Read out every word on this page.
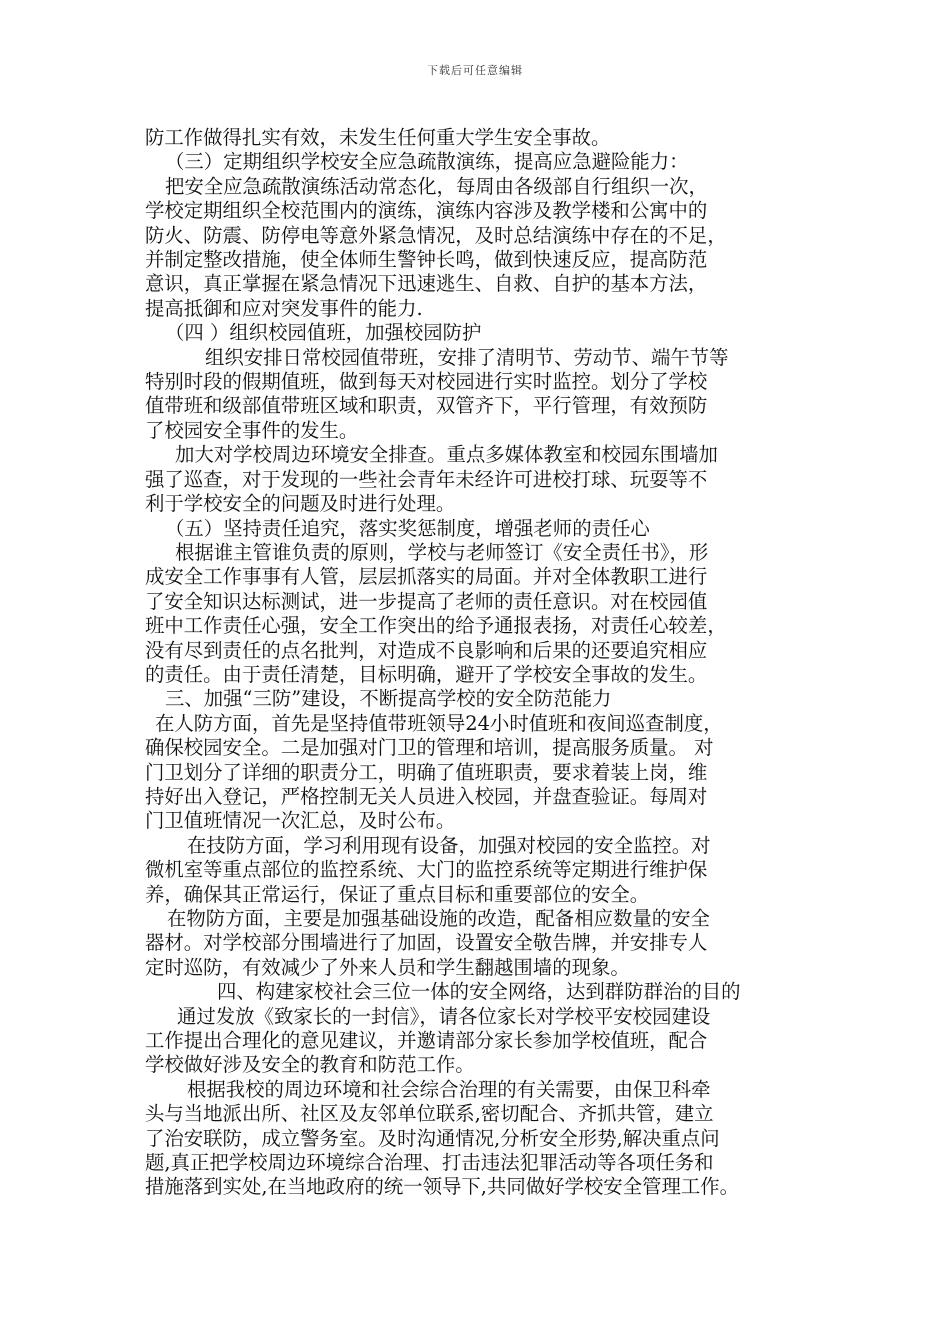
下载后可任意编辑
防工作做得扎实有效，未发生任何重大学生安全事故。
（三）定期组织学校安全应急疏散演练，提高应急避险能力：
把安全应急疏散演练活动常态化，每周由各级部自行组织一次，
学校定期组织全校范围内的演练，演练内容涉及教学楼和公寓中的
防火、防震、防停电等意外紧急情况，及时总结演练中存在的不足，
并制定整改措施，使全体师生警钟长鸣，做到快速反应，提高防范
意识，真正掌握在紧急情况下迅速逃生、自救、自护的基本方法，
提高抵御和应对突发事件的能力.
（四 ）组织校园值班，加强校园防护
组织安排日常校园值带班，安排了清明节、劳动节、端午节等
特别时段的假期值班，做到每天对校园进行实时监控。划分了学校
值带班和级部值带班区域和职责，双管齐下，平行管理，有效预防
了校园安全事件的发生。
加大对学校周边环境安全排查。重点多媒体教室和校园东围墙加
强了巡查，对于发现的一些社会青年未经许可进校打球、玩耍等不
利于学校安全的问题及时进行处理。
（五）坚持责任追究，落实奖惩制度，增强老师的责任心
根据谁主管谁负责的原则，学校与老师签订《安全责任书》，形
成安全工作事事有人管，层层抓落实的局面。并对全体教职工进行
了安全知识达标测试，进一步提高了老师的责任意识。对在校园值
班中工作责任心强，安全工作突出的给予通报表扬，对责任心较差，
没有尽到责任的点名批判，对造成不良影响和后果的还要追究相应
的责任。由于责任清楚，目标明确，避开了学校安全事故的发生。
三、加强“三防”建设，不断提高学校的安全防范能力
在人防方面，首先是坚持值带班领导24小时值班和夜间巡查制度，
确保校园安全。二是加强对门卫的管理和培训，提高服务质量。 对
门卫划分了详细的职责分工，明确了值班职责，要求着装上岗，维
持好出入登记，严格控制无关人员进入校园，并盘查验证。每周对
门卫值班情况一次汇总，及时公布。
在技防方面，学习利用现有设备，加强对校园的安全监控。对
微机室等重点部位的监控系统、大门的监控系统等定期进行维护保
养，确保其正常运行，保证了重点目标和重要部位的安全。
在物防方面，主要是加强基础设施的改造，配备相应数量的安全
器材。对学校部分围墙进行了加固，设置安全敬告牌，并安排专人
定时巡防，有效减少了外来人员和学生翻越围墙的现象。
四、构建家校社会三位一体的安全网络，达到群防群治的目的
通过发放《致家长的一封信》，请各位家长对学校平安校园建设
工作提出合理化的意见建议，并邀请部分家长参加学校值班，配合
学校做好涉及安全的教育和防范工作。
根据我校的周边环境和社会综合治理的有关需要，由保卫科牵
头与当地派出所、社区及友邻单位联系,密切配合、齐抓共管，建立
了治安联防，成立警务室。及时沟通情况,分析安全形势,解决重点问
题,真正把学校周边环境综合治理、打击违法犯罪活动等各项任务和
措施落到实处,在当地政府的统一领导下,共同做好学校安全管理工作。
